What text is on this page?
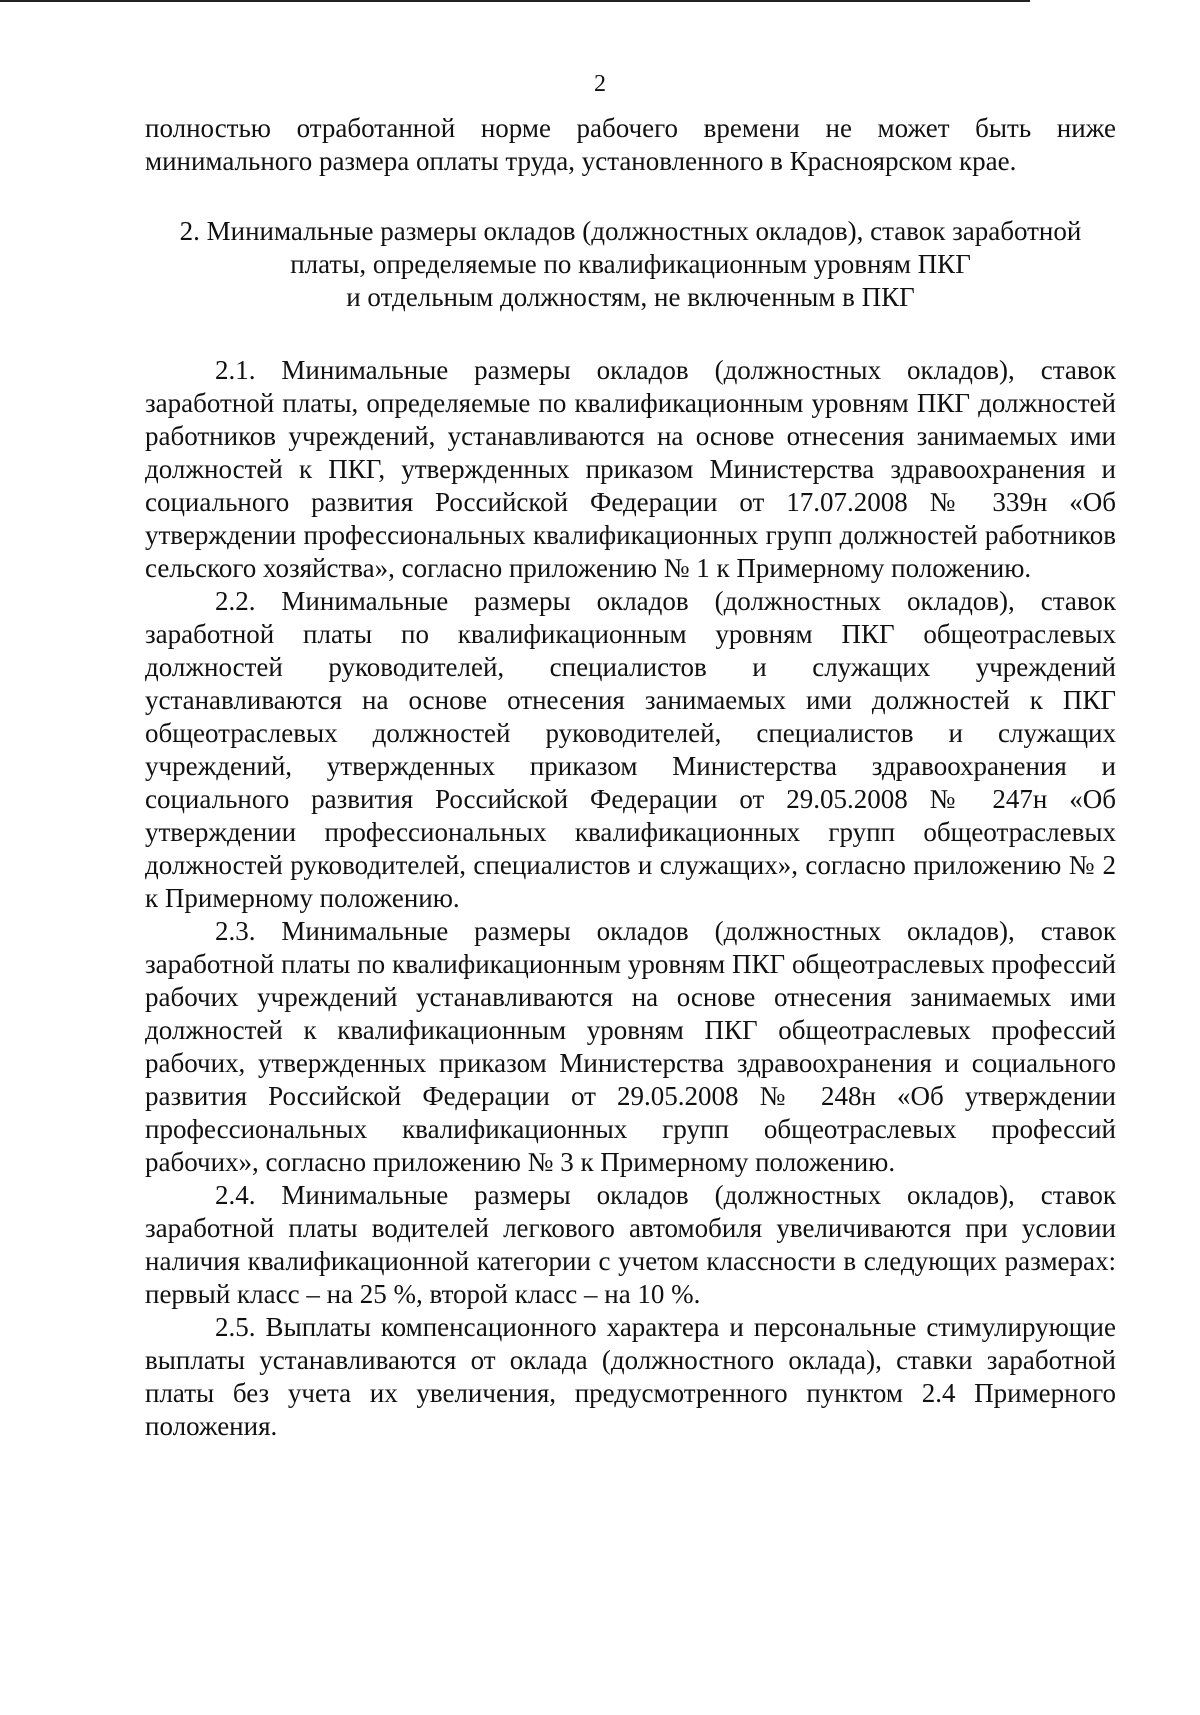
2

полностью отработанной норме рабочего времени не может быть ниже минимального размера оплаты труда, установленного в Красноярском крае.

2. Минимальные размеры окладов (должностных окладов), ставок заработной
платы, определяемые по квалификационным уровням ПКГ
и отдельным должностям, не включенным в ПКГ

2.1. Минимальные размеры окладов (должностных окладов), ставок заработной платы, определяемые по квалификационным уровням ПКГ должностей работников учреждений, устанавливаются на основе отнесения занимаемых ими должностей к ПКГ, утвержденных приказом Министерства здравоохранения и социального развития Российской Федерации от 17.07.2008 № 339н «Об утверждении профессиональных квалификационных групп должностей работников сельского хозяйства», согласно приложению № 1 к Примерному положению.

2.2. Минимальные размеры окладов (должностных окладов), ставок заработной платы по квалификационным уровням ПКГ общеотраслевых должностей руководителей, специалистов и служащих учреждений устанавливаются на основе отнесения занимаемых ими должностей к ПКГ общеотраслевых должностей руководителей, специалистов и служащих учреждений, утвержденных приказом Министерства здравоохранения и социального развития Российской Федерации от 29.05.2008 № 247н «Об утверждении профессиональных квалификационных групп общеотраслевых должностей руководителей, специалистов и служащих», согласно приложению № 2 к Примерному положению.

2.3. Минимальные размеры окладов (должностных окладов), ставок заработной платы по квалификационным уровням ПКГ общеотраслевых профессий рабочих учреждений устанавливаются на основе отнесения занимаемых ими должностей к квалификационным уровням ПКГ общеотраслевых профессий рабочих, утвержденных приказом Министерства здравоохранения и социального развития Российской Федерации от 29.05.2008 № 248н «Об утверждении профессиональных квалификационных групп общеотраслевых профессий рабочих», согласно приложению № 3 к Примерному положению.

2.4. Минимальные размеры окладов (должностных окладов), ставок заработной платы водителей легкового автомобиля увеличиваются при условии наличия квалификационной категории с учетом классности в следующих размерах: первый класс – на 25 %, второй класс – на 10 %.

2.5. Выплаты компенсационного характера и персональные стимулирующие выплаты устанавливаются от оклада (должностного оклада), ставки заработной платы без учета их увеличения, предусмотренного пунктом 2.4 Примерного положения.
